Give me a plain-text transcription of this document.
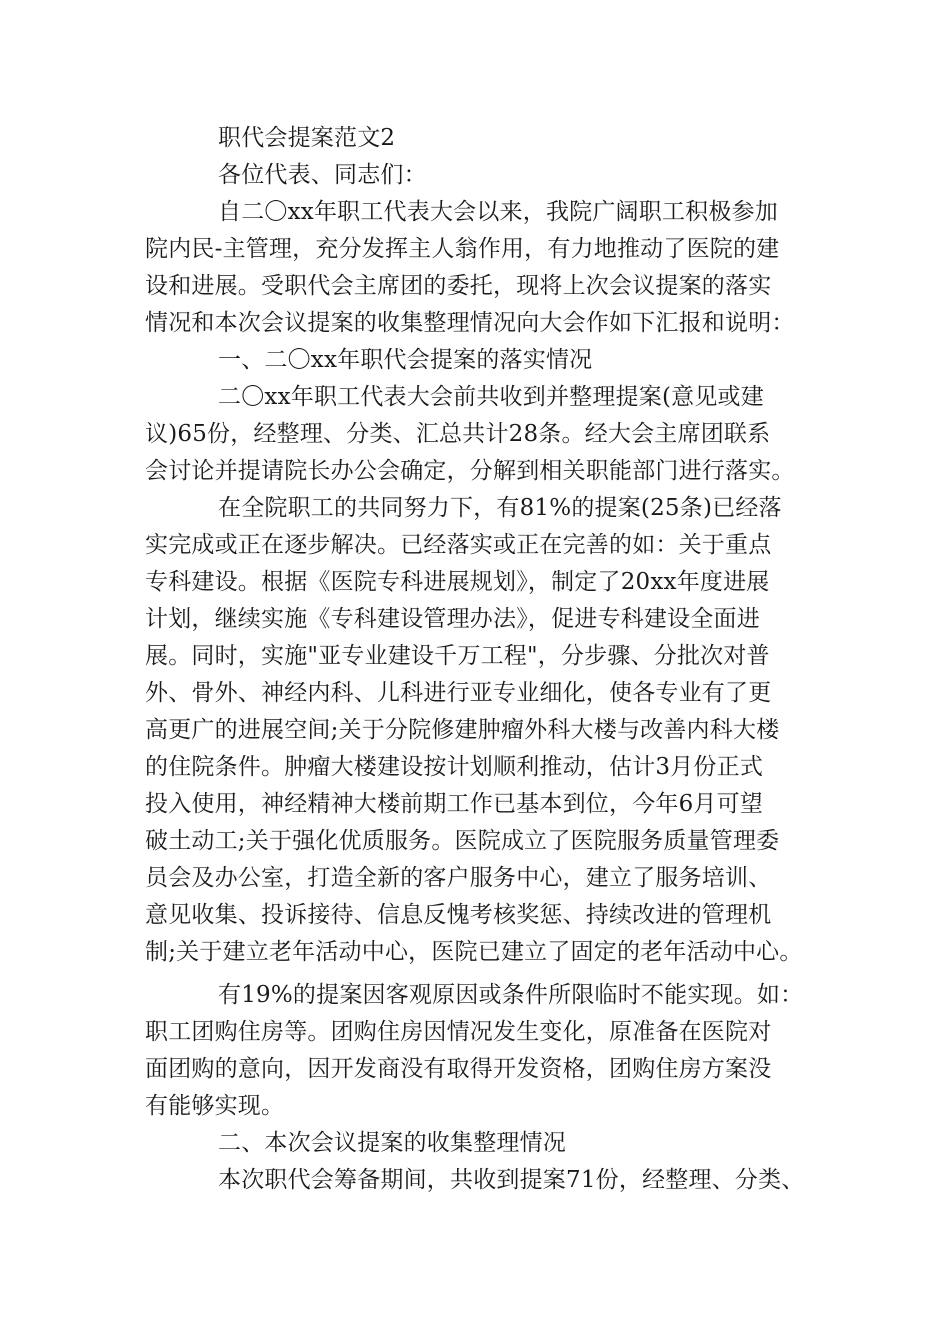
职代会提案范文2
各位代表、同志们：
自二〇xx年职工代表大会以来，我院广阔职工积极参加
院内民-主管理，充分发挥主人翁作用，有力地推动了医院的建
设和进展。受职代会主席团的委托，现将上次会议提案的落实
情况和本次会议提案的收集整理情况向大会作如下汇报和说明：
一、二〇xx年职代会提案的落实情况
二〇xx年职工代表大会前共收到并整理提案(意见或建
议)65份，经整理、分类、汇总共计28条。经大会主席团联系
会讨论并提请院长办公会确定，分解到相关职能部门进行落实。
在全院职工的共同努力下，有81%的提案(25条)已经落
实完成或正在逐步解决。已经落实或正在完善的如：关于重点
专科建设。根据《医院专科进展规划》，制定了20xx年度进展
计划，继续实施《专科建设管理办法》，促进专科建设全面进
展。同时，实施"亚专业建设千万工程"，分步骤、分批次对普
外、骨外、神经内科、儿科进行亚专业细化，使各专业有了更
高更广的进展空间;关于分院修建肿瘤外科大楼与改善内科大楼
的住院条件。肿瘤大楼建设按计划顺利推动，估计3月份正式
投入使用，神经精神大楼前期工作已基本到位，今年6月可望
破土动工;关于强化优质服务。医院成立了医院服务质量管理委
员会及办公室，打造全新的客户服务中心，建立了服务培训、
意见收集、投诉接待、信息反愧考核奖惩、持续改进的管理机
制;关于建立老年活动中心，医院已建立了固定的老年活动中心。
有19%的提案因客观原因或条件所限临时不能实现。如：
职工团购住房等。团购住房因情况发生变化，原准备在医院对
面团购的意向，因开发商没有取得开发资格，团购住房方案没
有能够实现。
二、本次会议提案的收集整理情况
本次职代会筹备期间，共收到提案71份，经整理、分类、
